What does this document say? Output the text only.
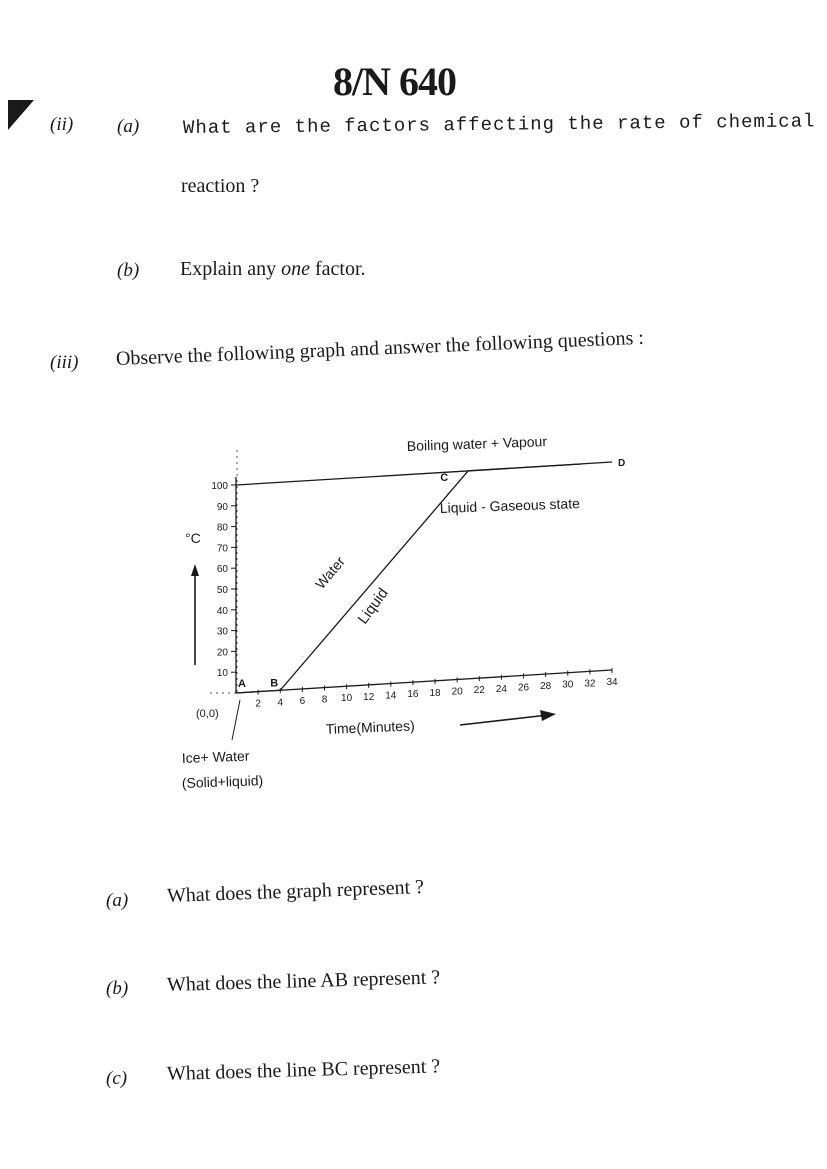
8/N 640
(ii) (a) What are the factors affecting the rate of chemical
reaction ?
(b) Explain any one factor.
(iii) Observe the following graph and answer the following questions :
10
20
30
40
50
60
70
80
90
100
2 4 6 8 10 12 14 16 18 20 22 24 26 28 30 32 34
A B
C
D
°C
Time(Minutes)
Boiling water + Vapour
Liquid - Gaseous state
Water
Liquid
(0,0)
Ice+ Water
(Solid+liquid)
(a) What does the graph represent ?
(b) What does the line AB represent ?
(c) What does the line BC represent ?
